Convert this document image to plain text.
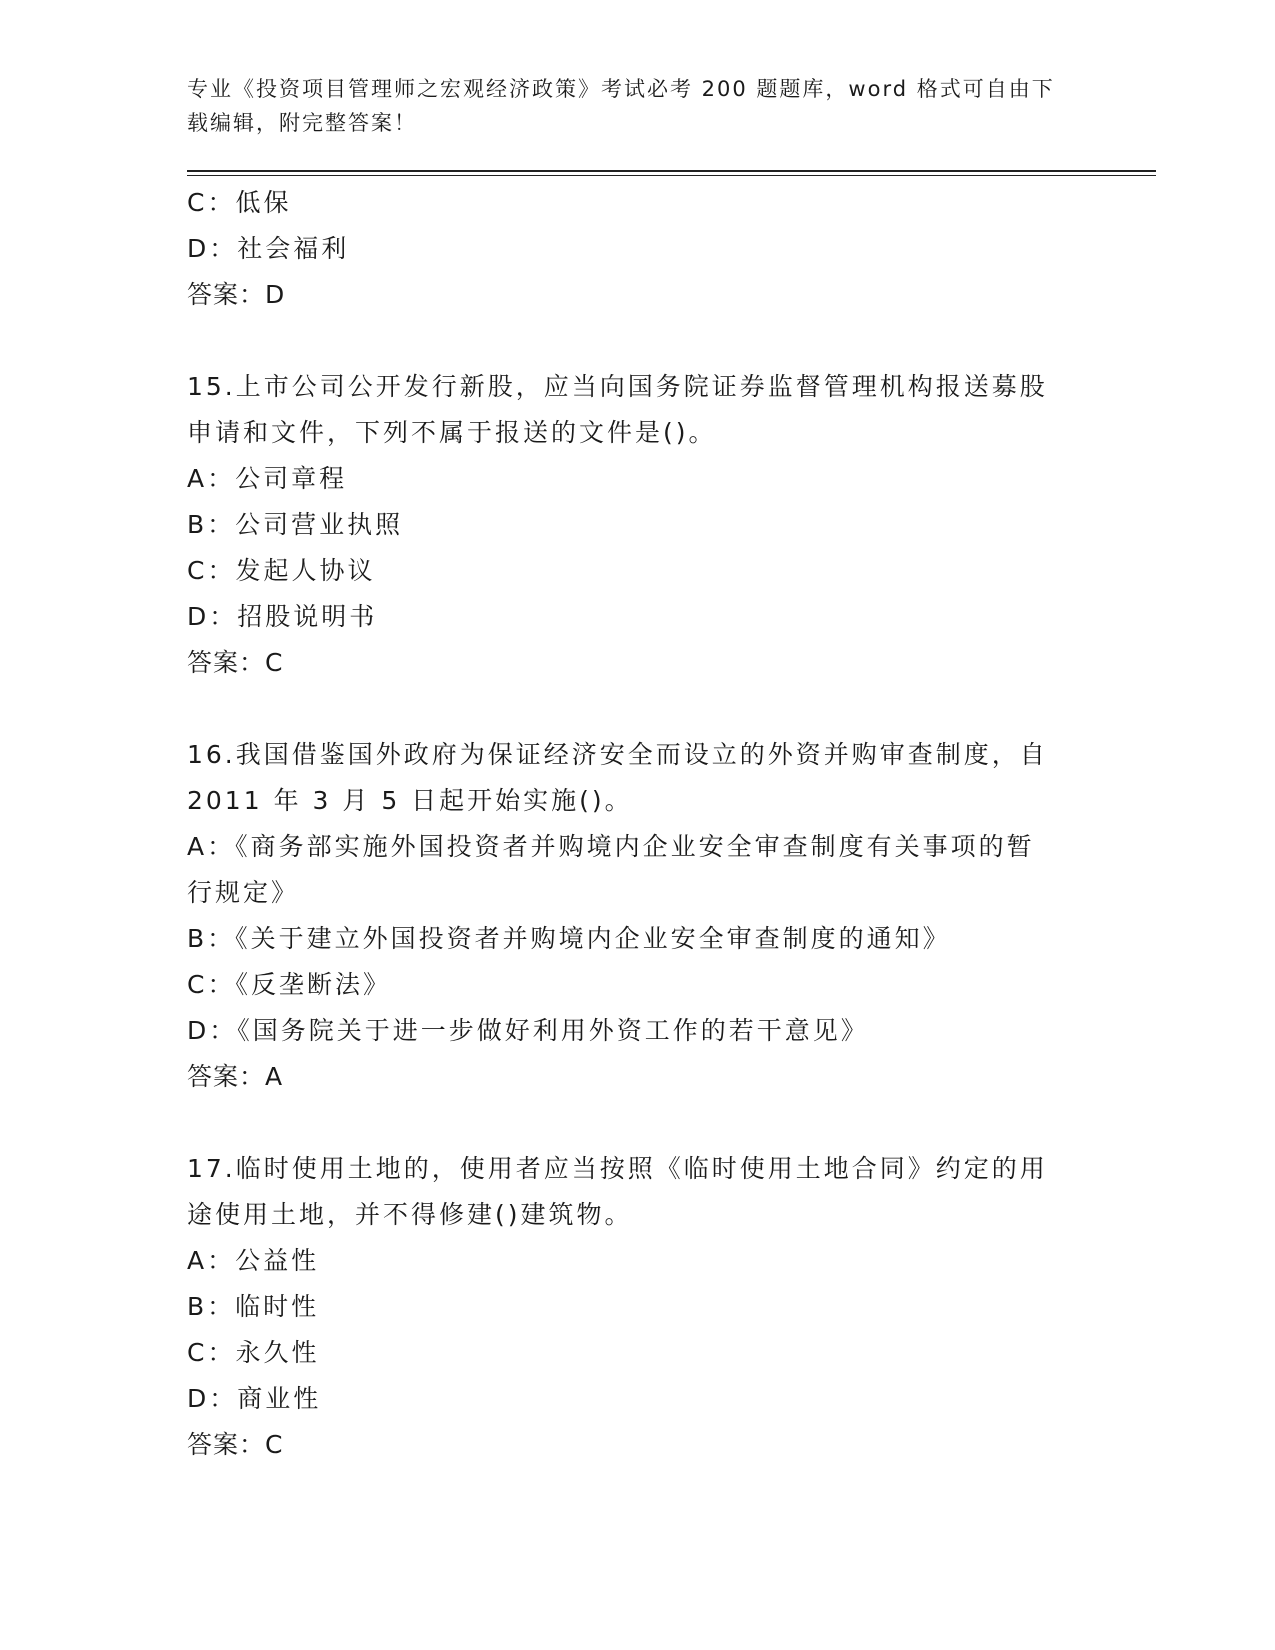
专业《投资项目管理师之宏观经济政策》考试必考 200 题题库，word 格式可自由下载编辑，附完整答案！

C：低保
D：社会福利
答案：D
15.上市公司公开发行新股，应当向国务院证券监督管理机构报送募股
申请和文件，下列不属于报送的文件是()。
A：公司章程
B：公司营业执照
C：发起人协议
D：招股说明书
答案：C
16.我国借鉴国外政府为保证经济安全而设立的外资并购审查制度，自
2011 年 3 月 5 日起开始实施()。
A：《商务部实施外国投资者并购境内企业安全审查制度有关事项的暂
行规定》
B：《关于建立外国投资者并购境内企业安全审查制度的通知》
C：《反垄断法》
D：《国务院关于进一步做好利用外资工作的若干意见》
答案：A
17.临时使用土地的，使用者应当按照《临时使用土地合同》约定的用
途使用土地，并不得修建()建筑物。
A：公益性
B：临时性
C：永久性
D：商业性
答案：C
